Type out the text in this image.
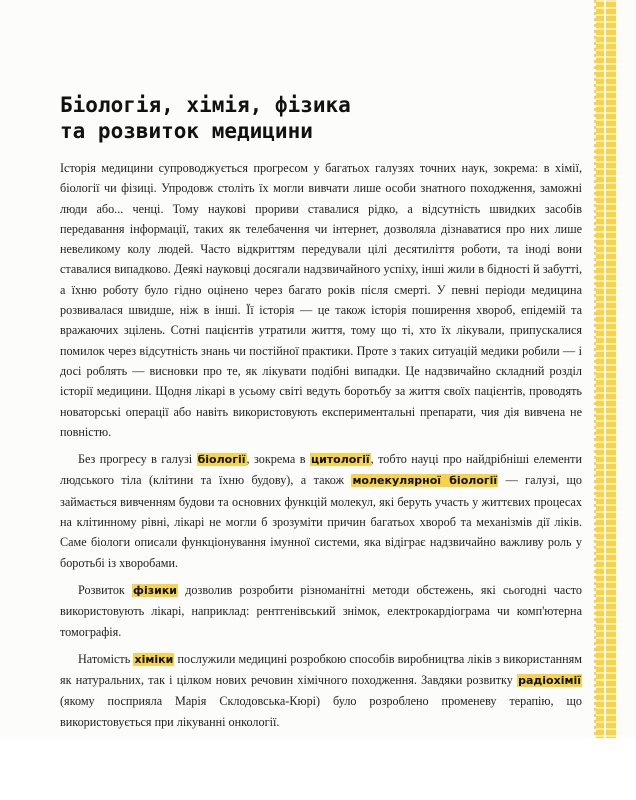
Біологія, хімія, фізика
та розвиток медицини

Історія медицини супроводжується прогресом у багатьох галузях точних наук, зокрема: в хімії, біології чи фізиці. Упродовж століть їх могли вивчати лише особи знатного походження, заможні люди або... ченці. Тому наукові прориви ставалися рідко, а відсутність швидких засобів передавання інформації, таких як телебачення чи інтернет, дозволяла дізнаватися про них лише невеликому колу людей. Часто відкриттям передували цілі десятиліття роботи, та іноді вони ставалися випадково. Деякі науковці досягали надзвичайного успіху, інші жили в бідності й забутті, а їхню роботу було гідно оцінено через багато років після смерті. У певні періоди медицина розвивалася швидше, ніж в інші. Її історія — це також історія поширення хвороб, епідемій та вражаючих зцілень. Сотні пацієнтів утратили життя, тому що ті, хто їх лікували, припускалися помилок через відсутність знань чи постійної практики. Проте з таких ситуацій медики робили — і досі роблять — висновки про те, як лікувати подібні випадки. Це надзвичайно складний розділ історії медицини. Щодня лікарі в усьому світі ведуть боротьбу за життя своїх пацієнтів, проводять новаторські операції або навіть використовують експериментальні препарати, чия дія вивчена не повністю.

Без прогресу в галузі біології, зокрема в цитології, тобто науці про найдрібніші елементи людського тіла (клітини та їхню будову), а також молекулярної біології — галузі, що займається вивченням будови та основних функцій молекул, які беруть участь у життєвих процесах на клітинному рівні, лікарі не могли б зрозуміти причин багатьох хвороб та механізмів дії ліків. Саме біологи описали функціонування імунної системи, яка відіграє надзвичайно важливу роль у боротьбі із хворобами.

Розвиток фізики дозволив розробити різноманітні методи обстежень, які сьогодні часто використовують лікарі, наприклад: рентгенівський знімок, електрокардіограма чи комп'ютерна томографія.

Натомість хіміки послужили медицині розробкою способів виробництва ліків з використанням як натуральних, так і цілком нових речовин хімічного походження. Завдяки розвитку радіохімії (якому посприяла Марія Склодовська-Кюрі) було розроблено променеву терапію, що використовується при лікуванні онкології.
